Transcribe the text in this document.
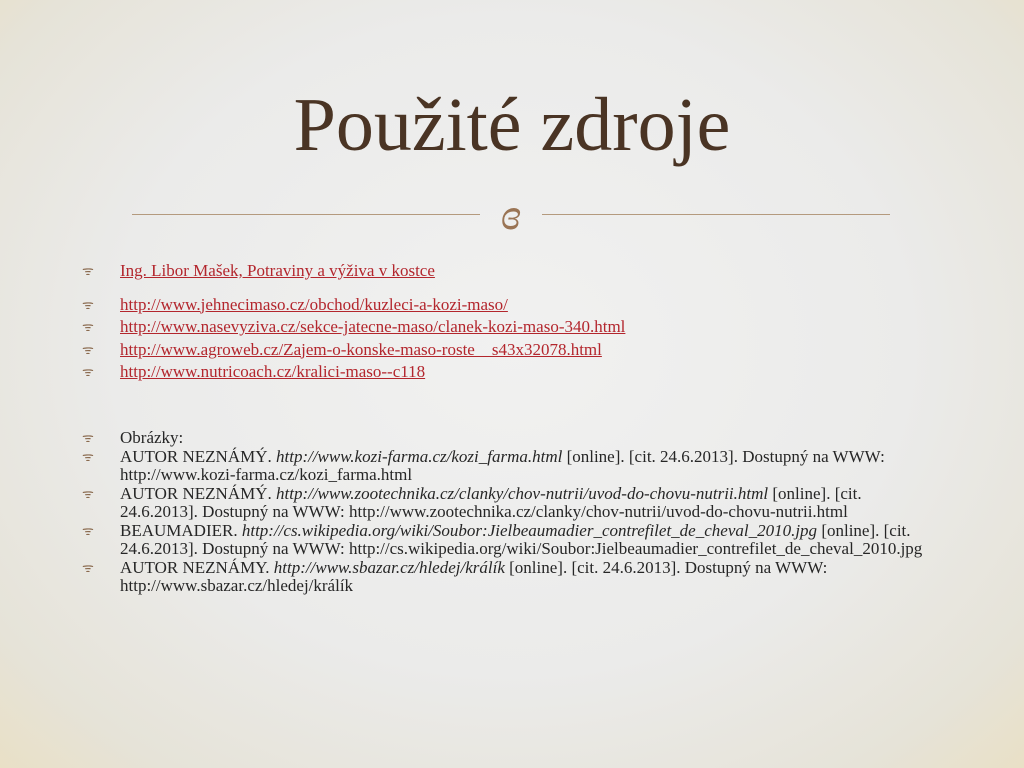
Použité zdroje
ɞ
ᯤ Ing. Libor Mašek, Potraviny a výživa v kostce
ᯤ http://www.jehnecimaso.cz/obchod/kuzleci-a-kozi-maso/
ᯤ http://www.nasevyziva.cz/sekce-jatecne-maso/clanek-kozi-maso-340.html
ᯤ http://www.agroweb.cz/Zajem-o-konske-maso-roste__s43x32078.html
ᯤ http://www.nutricoach.cz/kralici-maso--c118
ᯤ Obrázky:
ᯤ AUTOR NEZNÁMÝ. http://www.kozi-farma.cz/kozi_farma.html [online]. [cit. 24.6.2013]. Dostupný na WWW: http://www.kozi-farma.cz/kozi_farma.html
ᯤ AUTOR NEZNÁMÝ. http://www.zootechnika.cz/clanky/chov-nutrii/uvod-do-chovu-nutrii.html [online]. [cit. 24.6.2013]. Dostupný na WWW: http://www.zootechnika.cz/clanky/chov-nutrii/uvod-do-chovu-nutrii.html
ᯤ BEAUMADIER. http://cs.wikipedia.org/wiki/Soubor:Jielbeaumadier_contrefilet_de_cheval_2010.jpg [online]. [cit. 24.6.2013]. Dostupný na WWW: http://cs.wikipedia.org/wiki/Soubor:Jielbeaumadier_contrefilet_de_cheval_2010.jpg
ᯤ AUTOR NEZNÁMY. http://www.sbazar.cz/hledej/králík [online]. [cit. 24.6.2013]. Dostupný na WWW: http://www.sbazar.cz/hledej/králík
